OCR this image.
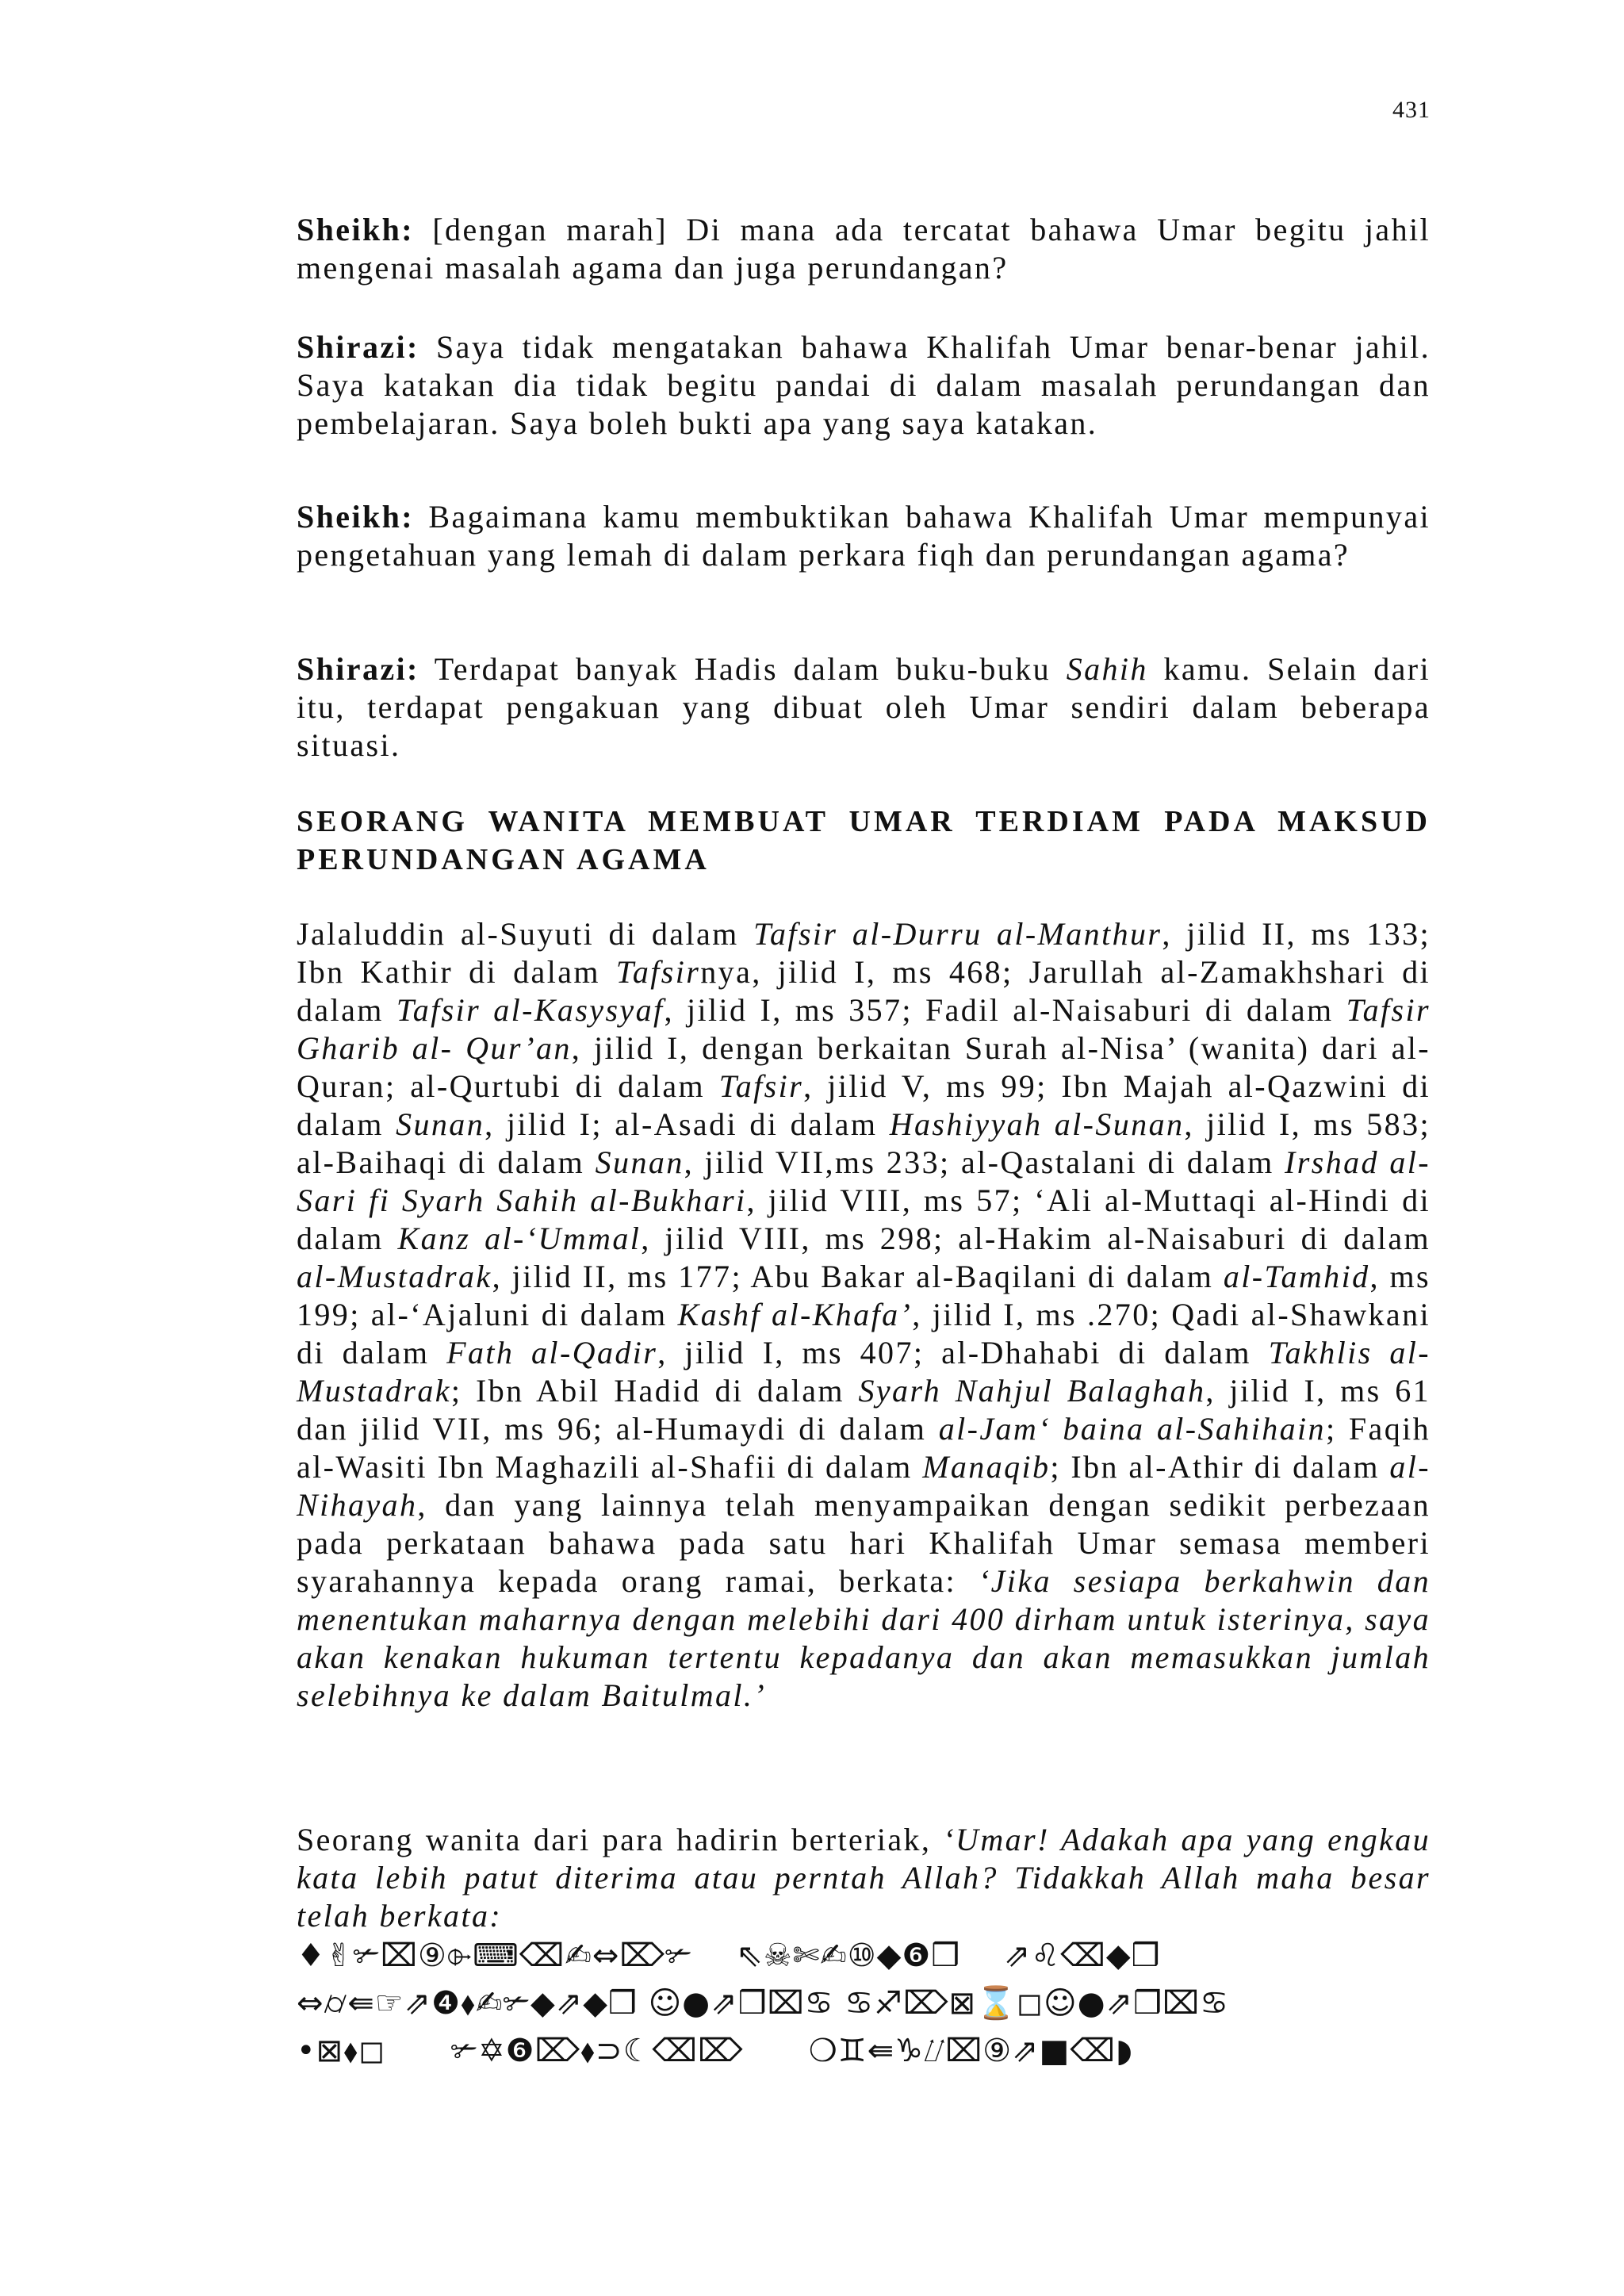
431

Sheikh: [dengan marah] Di mana ada tercatat bahawa Umar begitu jahil mengenai masalah agama dan juga perundangan?

Shirazi: Saya tidak mengatakan bahawa Khalifah Umar benar-benar jahil. Saya katakan dia tidak begitu pandai di dalam masalah perundangan dan pembelajaran. Saya boleh bukti apa yang saya katakan.

Sheikh: Bagaimana kamu membuktikan bahawa Khalifah Umar mempunyai pengetahuan yang lemah di dalam perkara fiqh dan perundangan agama?

Shirazi: Terdapat banyak Hadis dalam buku-buku Sahih kamu. Selain dari itu, terdapat pengakuan yang dibuat oleh Umar sendiri dalam beberapa situasi.

SEORANG WANITA MEMBUAT UMAR TERDIAM PADA MAKSUD PERUNDANGAN AGAMA

Jalaluddin al-Suyuti di dalam Tafsir al-Durru al-Manthur, jilid II, ms 133; Ibn Kathir di dalam Tafsirnya, jilid I, ms 468; Jarullah al-Zamakhshari di dalam Tafsir al-Kasysyaf, jilid I, ms 357; Fadil al-Naisaburi di dalam Tafsir Gharib al- Qur’an, jilid I, dengan berkaitan Surah al-Nisa’ (wanita) dari al-Quran; al-Qurtubi di dalam Tafsir, jilid V, ms 99; Ibn Majah al-Qazwini di dalam Sunan, jilid I; al-Asadi di dalam Hashiyyah al-Sunan, jilid I, ms 583; al-Baihaqi di dalam Sunan, jilid VII,ms 233; al-Qastalani di dalam Irshad al-Sari fi Syarh Sahih al-Bukhari, jilid VIII, ms 57; ‘Ali al-Muttaqi al-Hindi di dalam Kanz al-‘Ummal, jilid VIII, ms 298; al-Hakim al-Naisaburi di dalam al-Mustadrak, jilid II, ms 177; Abu Bakar al-Baqilani di dalam al-Tamhid, ms 199; al-‘Ajaluni di dalam Kashf al-Khafa’, jilid I, ms .270; Qadi al-Shawkani di dalam Fath al-Qadir, jilid I, ms 407; al-Dhahabi di dalam Takhlis al-Mustadrak; Ibn Abil Hadid di dalam Syarh Nahjul Balaghah, jilid I, ms 61 dan jilid VII, ms 96; al-Humaydi di dalam al-Jam‘ baina al-Sahihain; Faqih al-Wasiti Ibn Maghazili al-Shafii di dalam Manaqib; Ibn al-Athir di dalam al-Nihayah, dan yang lainnya telah menyampaikan dengan sedikit perbezaan pada perkataan bahawa pada satu hari Khalifah Umar semasa memberi syarahannya kepada orang ramai, berkata: ‘Jika sesiapa berkahwin dan menentukan maharnya dengan melebihi dari 400 dirham untuk isterinya, saya akan kenakan hukuman tertentu kepadanya dan akan memasukkan jumlah selebihnya ke dalam Baitulmal.’

Seorang wanita dari para hadirin berteriak, ‘Umar! Adakah apa yang engkau kata lebih patut diterima atau perntah Allah? Tidakkah Allah maha besar telah berkata:

♦✌✃⌧⑨⌱⌨⌫✍⇔⌦✃    ⇖☠✄✍⑩◆❻❒    ⇗♌⌫◆❒
⇔⌭⇚☞⇗❹⬧✍✃◆⇗◆❒ ☺●⇗❒⌧♋ ♋♐⌦⊠⌛◻☺●⇗❒⌧♋
•⊠⬧◻      ✃✡❻⌦⬧⊃☾⌫⌦      ❍♊⇚♑⌰⌧⑨⇗■⌫◗
